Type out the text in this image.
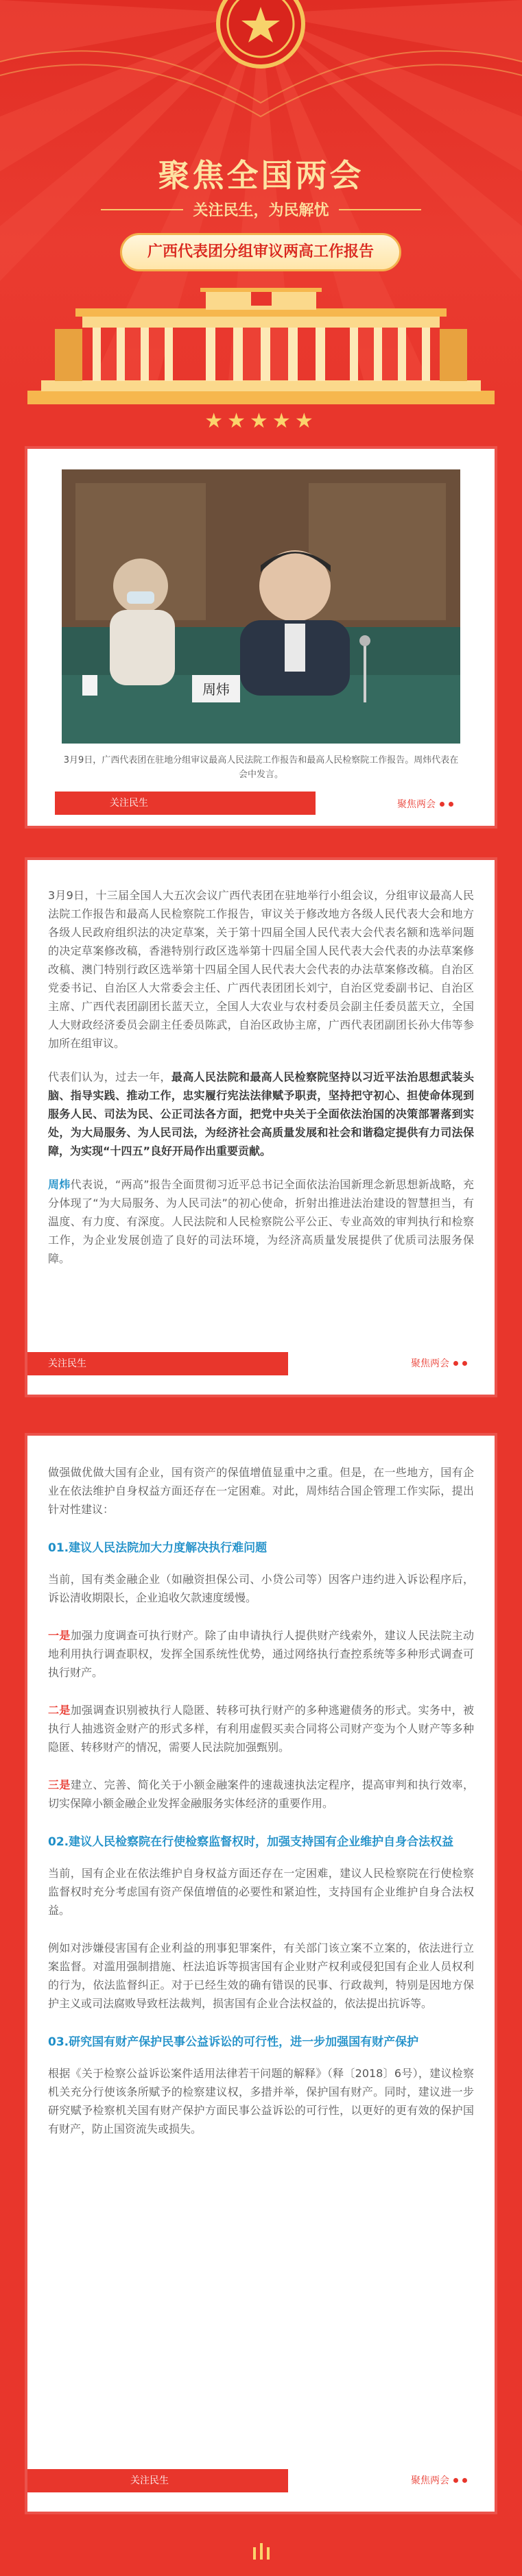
聚焦全国两会
关注民生，为民解忧
广西代表团分组审议两高工作报告
★★★★★
周炜
3月9日，广西代表团在驻地分组审议最高人民法院工作报告和最高人民检察院工作报告。周炜代表在会中发言。
关注民生	聚焦两会

3月9日，十三届全国人大五次会议广西代表团在驻地举行小组会议，分组审议最高人民法院工作报告和最高人民检察院工作报告，审议关于修改地方各级人民代表大会和地方各级人民政府组织法的决定草案，关于第十四届全国人民代表大会代表名额和选举问题的决定草案修改稿，香港特别行政区选举第十四届全国人民代表大会代表的办法草案修改稿、澳门特别行政区选举第十四届全国人民代表大会代表的办法草案修改稿。自治区党委书记、自治区人大常委会主任、广西代表团团长刘宁，自治区党委副书记、自治区主席、广西代表团副团长蓝天立，全国人大农业与农村委员会副主任委员蓝天立，全国人大财政经济委员会副主任委员陈武，自治区政协主席，广西代表团副团长孙大伟等参加所在组审议。

代表们认为，过去一年，最高人民法院和最高人民检察院坚持以习近平法治思想武装头脑、指导实践、推动工作，忠实履行宪法法律赋予职责，坚持把守初心、担使命体现到服务人民、司法为民、公正司法各方面，把党中央关于全面依法治国的决策部署落到实处，为大局服务、为人民司法，为经济社会高质量发展和社会和谐稳定提供有力司法保障，为实现“十四五”良好开局作出重要贡献。

周炜代表说，“两高”报告全面贯彻习近平总书记全面依法治国新理念新思想新战略，充分体现了“为大局服务、为人民司法”的初心使命，折射出推进法治建设的智慧担当，有温度、有力度、有深度。人民法院和人民检察院公平公正、专业高效的审判执行和检察工作，为企业发展创造了良好的司法环境，为经济高质量发展提供了优质司法服务保障。

关注民生	聚焦两会

做强做优做大国有企业，国有资产的保值增值显重中之重。但是，在一些地方，国有企业在依法维护自身权益方面还存在一定困难。对此，周炜结合国企管理工作实际，提出针对性建议：

01.建议人民法院加大力度解决执行难问题

当前，国有类金融企业（如融资担保公司、小贷公司等）因客户违约进入诉讼程序后，诉讼清收期限长，企业追收欠款速度缓慢。

一是加强力度调查可执行财产。除了由申请执行人提供财产线索外，建议人民法院主动地利用执行调查职权，发挥全国系统性优势，通过网络执行查控系统等多种形式调查可执行财产。

二是加强调查识别被执行人隐匿、转移可执行财产的多种逃避债务的形式。实务中，被执行人抽逃资金财产的形式多样，有利用虚假买卖合同将公司财产变为个人财产等多种隐匿、转移财产的情况，需要人民法院加强甄别。

三是建立、完善、简化关于小额金融案件的速裁速执法定程序，提高审判和执行效率，切实保障小额金融企业发挥金融服务实体经济的重要作用。

02.建议人民检察院在行使检察监督权时，加强支持国有企业维护自身合法权益

当前，国有企业在依法维护自身权益方面还存在一定困难，建议人民检察院在行使检察监督权时充分考虑国有资产保值增值的必要性和紧迫性，支持国有企业维护自身合法权益。

例如对涉嫌侵害国有企业利益的刑事犯罪案件，有关部门该立案不立案的，依法进行立案监督。对滥用强制措施、枉法追诉等损害国有企业财产权利或侵犯国有企业人员权利的行为，依法监督纠正。对于已经生效的确有错误的民事、行政裁判，特别是因地方保护主义或司法腐败导致枉法裁判，损害国有企业合法权益的，依法提出抗诉等。

03.研究国有财产保护民事公益诉讼的可行性，进一步加强国有财产保护

根据《关于检察公益诉讼案件适用法律若干问题的解释》（释〔2018〕6号），建议检察机关充分行使该条所赋予的检察建议权，多措并举，保护国有财产。同时，建议进一步研究赋予检察机关国有财产保护方面民事公益诉讼的可行性，以更好的更有效的保护国有财产，防止国资流失或损失。

关注民生	聚焦两会
